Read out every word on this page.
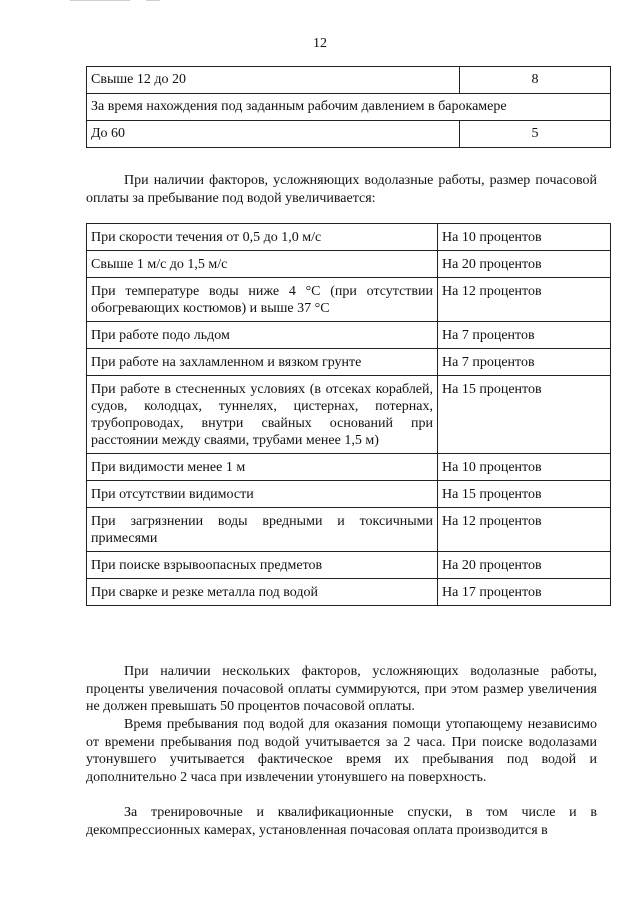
12
Свыше 12 до 20	8
За время нахождения под заданным рабочим давлением в барокамере	
До 60	5
При наличии факторов, усложняющих водолазные работы, размер почасовой оплаты за пребывание под водой увеличивается:
При скорости течения от 0,5 до 1,0 м/с	На 10 процентов
Свыше 1 м/с до 1,5 м/с	На 20 процентов
При температуре воды ниже 4 °С (при отсутствии обогревающих костюмов) и выше 37 °С	На 12 процентов
При работе подо льдом	На 7 процентов
При работе на захламленном и вязком грунте	На 7 процентов
При работе в стесненных условиях (в отсеках кораблей, судов, колодцах, туннелях, цистернах, потернах, трубопроводах, внутри свайных оснований при расстоянии между сваями, трубами менее 1,5 м)	На 15 процентов
При видимости менее 1 м	На 10 процентов
При отсутствии видимости	На 15 процентов
При загрязнении воды вредными и токсичными примесями	На 12 процентов
При поиске взрывоопасных предметов	На 20 процентов
При сварке и резке металла под водой	На 17 процентов
При наличии нескольких факторов, усложняющих водолазные работы, проценты увеличения почасовой оплаты суммируются, при этом размер увеличения не должен превышать 50 процентов почасовой оплаты.
Время пребывания под водой для оказания помощи утопающему независимо от времени пребывания под водой учитывается за 2 часа. При поиске водолазами утонувшего учитывается фактическое время их пребывания под водой и дополнительно 2 часа при извлечении утонувшего на поверхность.
За тренировочные и квалификационные спуски, в том числе и в декомпрессионных камерах, установленная почасовая оплата производится в
